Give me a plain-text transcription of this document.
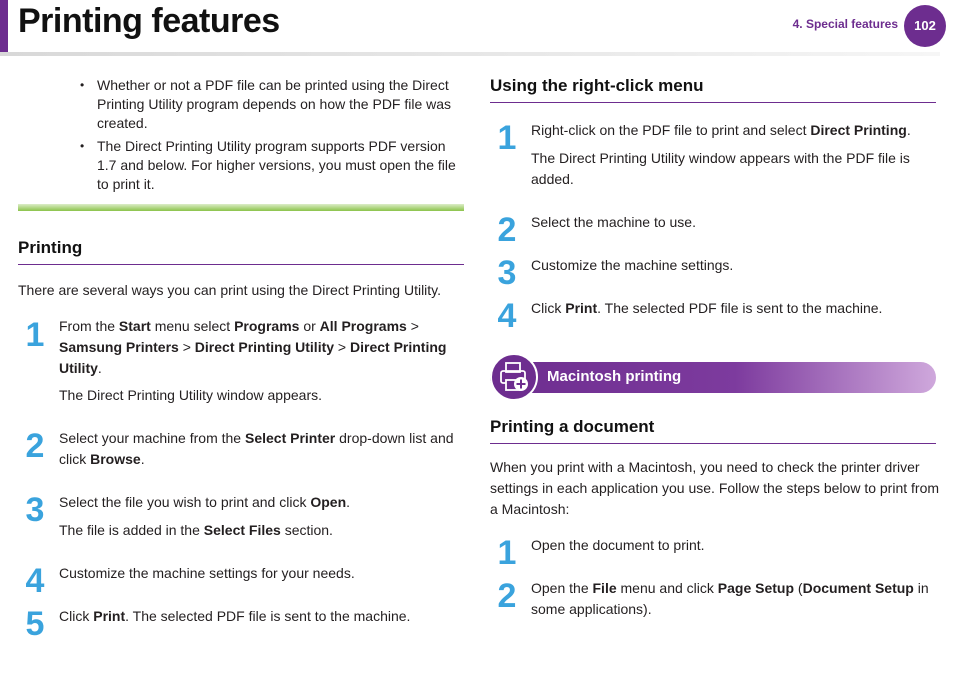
Printing features	4. Special features	102
• Whether or not a PDF file can be printed using the Direct Printing Utility program depends on how the PDF file was created.
• The Direct Printing Utility program supports PDF version 1.7 and below. For higher versions, you must open the file to print it.
Printing
There are several ways you can print using the Direct Printing Utility.
1	From the Start menu select Programs or All Programs > Samsung Printers > Direct Printing Utility > Direct Printing Utility.
The Direct Printing Utility window appears.
2	Select your machine from the Select Printer drop-down list and click Browse.
3	Select the file you wish to print and click Open.
The file is added in the Select Files section.
4	Customize the machine settings for your needs.
5	Click Print. The selected PDF file is sent to the machine.
Using the right-click menu
1	Right-click on the PDF file to print and select Direct Printing.
The Direct Printing Utility window appears with the PDF file is added.
2	Select the machine to use.
3	Customize the machine settings.
4	Click Print. The selected PDF file is sent to the machine.
Macintosh printing
Printing a document
When you print with a Macintosh, you need to check the printer driver settings in each application you use. Follow the steps below to print from a Macintosh:
1	Open the document to print.
2	Open the File menu and click Page Setup (Document Setup in some applications).
